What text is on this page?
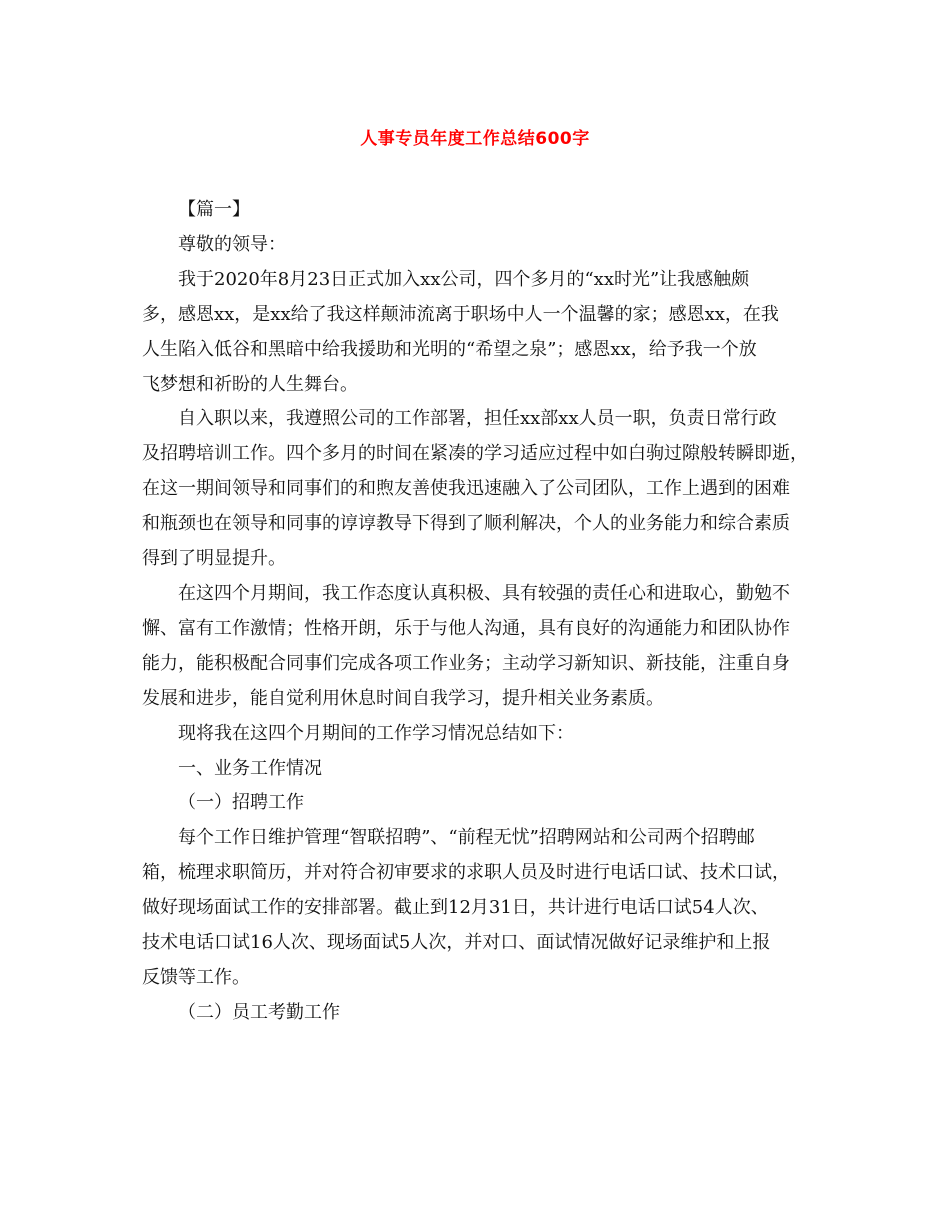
人事专员年度工作总结600字
【篇一】
尊敬的领导：
我于2020年8月23日正式加入xx公司，四个多月的“xx时光”让我感触颇
多，感恩xx，是xx给了我这样颠沛流离于职场中人一个温馨的家；感恩xx，在我
人生陷入低谷和黑暗中给我援助和光明的“希望之泉”；感恩xx，给予我一个放
飞梦想和祈盼的人生舞台。
自入职以来，我遵照公司的工作部署，担任xx部xx人员一职，负责日常行政
及招聘培训工作。四个多月的时间在紧凑的学习适应过程中如白驹过隙般转瞬即逝，
在这一期间领导和同事们的和煦友善使我迅速融入了公司团队，工作上遇到的困难
和瓶颈也在领导和同事的谆谆教导下得到了顺利解决，个人的业务能力和综合素质
得到了明显提升。
在这四个月期间，我工作态度认真积极、具有较强的责任心和进取心，勤勉不
懈、富有工作激情；性格开朗，乐于与他人沟通，具有良好的沟通能力和团队协作
能力，能积极配合同事们完成各项工作业务；主动学习新知识、新技能，注重自身
发展和进步，能自觉利用休息时间自我学习，提升相关业务素质。
现将我在这四个月期间的工作学习情况总结如下：
一、业务工作情况
（一）招聘工作
每个工作日维护管理“智联招聘”、“前程无忧”招聘网站和公司两个招聘邮
箱，梳理求职简历，并对符合初审要求的求职人员及时进行电话口试、技术口试，
做好现场面试工作的安排部署。截止到12月31日，共计进行电话口试54人次、
技术电话口试16人次、现场面试5人次，并对口、面试情况做好记录维护和上报
反馈等工作。
（二）员工考勤工作
